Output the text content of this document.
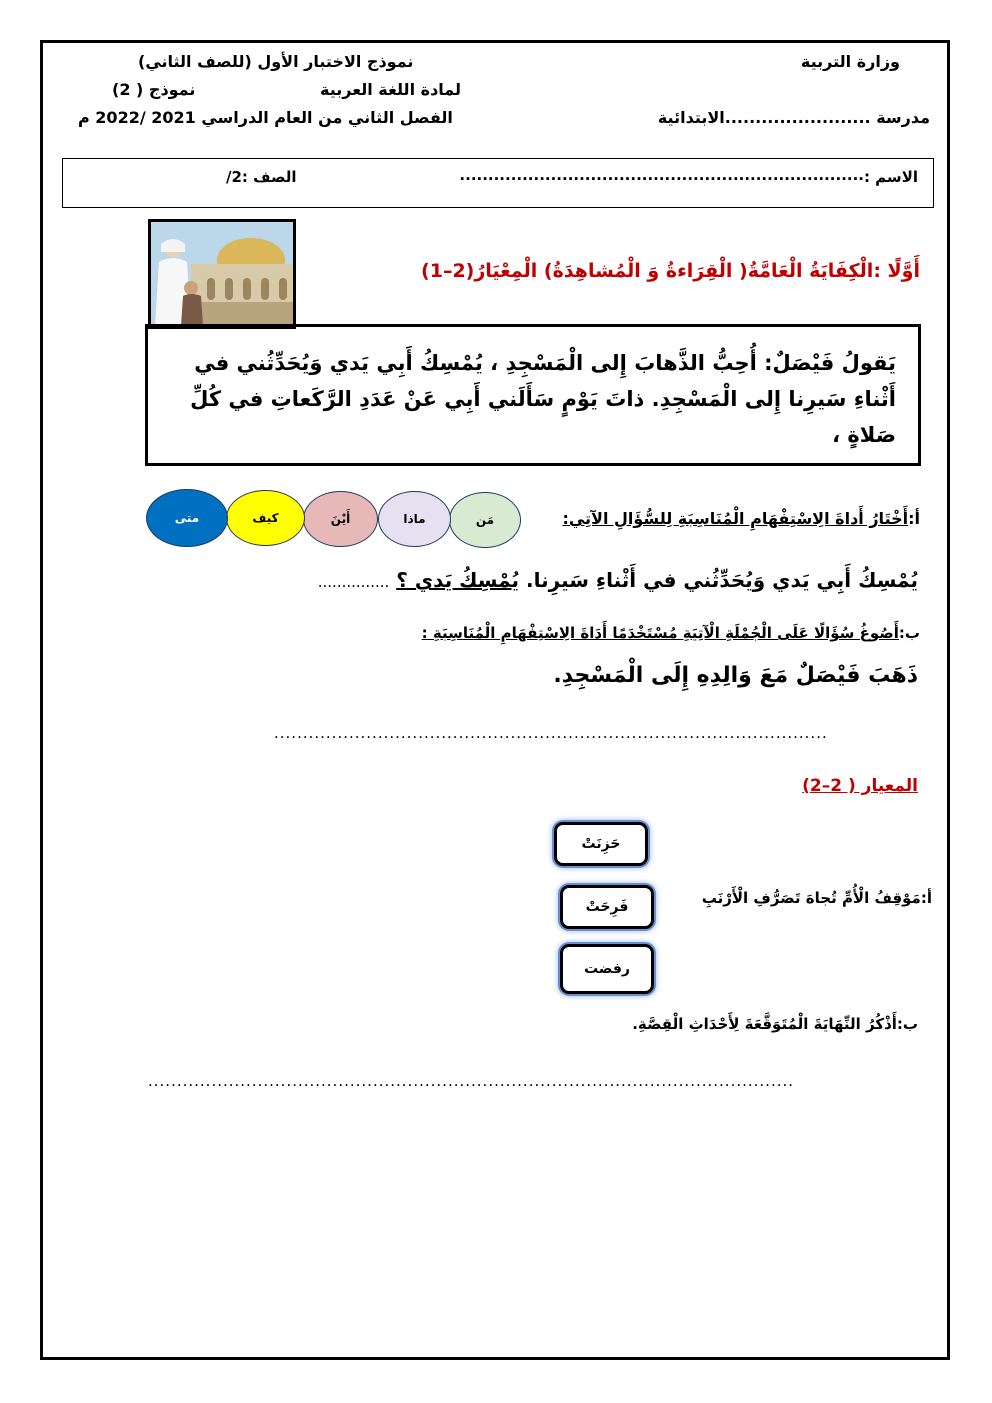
وزارة التربية
مدرسة ........................الابتدائية
نموذج الاختبار الأول (للصف الثاني)
لمادة اللغة العربية
نموذج ( 2)
الفصل الثاني من العام الدراسي 2021 /2022 م
الاسم :
.......................................................................
الصف :2/
أَوَّلًا :الْكِفَايَةُ الْعَامَّةُ( الْقِرَاءةُ وَ الْمُشاهِدَةُ) الْمِعْيَارُ(2–1)
يَقولُ فَيْصَلٌ: أُحِبُّ الذَّهابَ إِلى الْمَسْجِدِ ، يُمْسِكُ أَبِي يَدي وَيُحَدِّثُني في أَثْناءِ سَيرِنا إِلى الْمَسْجِدِ. ذاتَ يَوْمٍ سَأَلَني أَبِي عَنْ عَدَدِ الرَّكَعاتِ في كُلِّ صَلاةٍ ،
مَن
ماذا
أَيْنَ
كيف
متى	أ:أَخْتَارُ أَداةَ الِاسْتِفْهَامِ الْمُنَاسِبَةِ لِلسُّؤَالِ الآتِي:
يُمْسِكُ أَبِي يَدي وَيُحَدِّثُني في أَثْناءِ سَيرِنا. يُمْسِكُ يَدي ؟ ...............
ب:أَصُوغُ سُؤَالًا عَلَى الْجُمْلَةِ الْآتِيَةِ مُسْتَخْدَمًا أَدَاةَ الِاسْتِفْهَامِ الْمُنَاسِبَةِ :
ذَهَبَ فَيْصَلٌ مَعَ وَالِدِهِ إِلَى الْمَسْجِدِ.
................................................................................................
المعيار ( 2–2)
حَزِنَتْ
فَرِحَتْ
رفضت
أ:مَوْقِفُ الْأُمِّ تُجاهَ تَصَرُّفِ الْأَرْنَبِ
ب:أَذْكُرُ النِّهَايَةَ الْمُتَوَقَّعَةَ لِأَحْدَاثِ الْقِصَّةِ.
................................................................................................................
